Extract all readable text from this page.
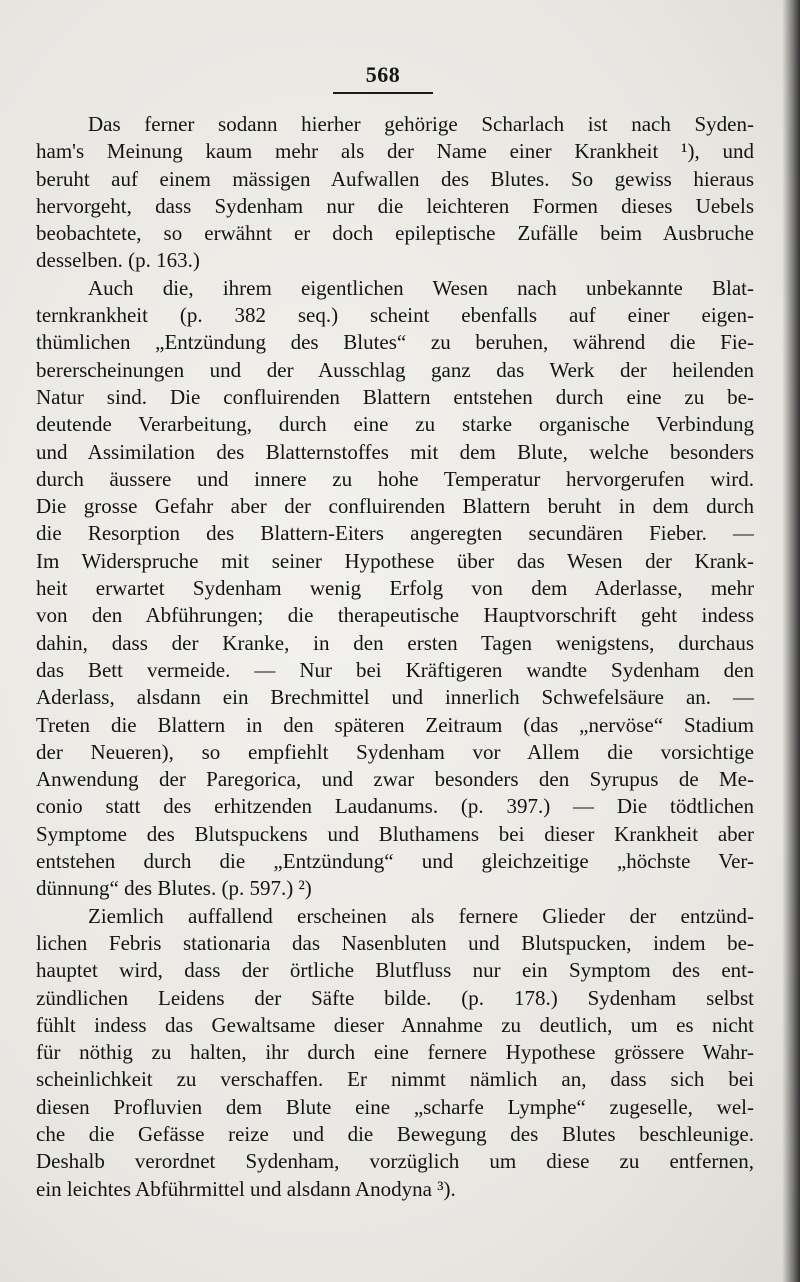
568
Das ferner sodann hierher gehörige Scharlach ist nach Syden-
ham's Meinung kaum mehr als der Name einer Krankheit ¹), und
beruht auf einem mässigen Aufwallen des Blutes. So gewiss hieraus
hervorgeht, dass Sydenham nur die leichteren Formen dieses Uebels
beobachtete, so erwähnt er doch epileptische Zufälle beim Ausbruche
desselben. (p. 163.)
Auch die, ihrem eigentlichen Wesen nach unbekannte Blat-
ternkrankheit (p. 382 seq.) scheint ebenfalls auf einer eigen-
thümlichen „Entzündung des Blutes“ zu beruhen, während die Fie-
bererscheinungen und der Ausschlag ganz das Werk der heilenden
Natur sind. Die confluirenden Blattern entstehen durch eine zu be-
deutende Verarbeitung, durch eine zu starke organische Verbindung
und Assimilation des Blatternstoffes mit dem Blute, welche besonders
durch äussere und innere zu hohe Temperatur hervorgerufen wird.
Die grosse Gefahr aber der confluirenden Blattern beruht in dem durch
die Resorption des Blattern-Eiters angeregten secundären Fieber. —
Im Widerspruche mit seiner Hypothese über das Wesen der Krank-
heit erwartet Sydenham wenig Erfolg von dem Aderlasse, mehr
von den Abführungen; die therapeutische Hauptvorschrift geht indess
dahin, dass der Kranke, in den ersten Tagen wenigstens, durchaus
das Bett vermeide. — Nur bei Kräftigeren wandte Sydenham den
Aderlass, alsdann ein Brechmittel und innerlich Schwefelsäure an. —
Treten die Blattern in den späteren Zeitraum (das „nervöse“ Stadium
der Neueren), so empfiehlt Sydenham vor Allem die vorsichtige
Anwendung der Paregorica, und zwar besonders den Syrupus de Me-
conio statt des erhitzenden Laudanums. (p. 397.) — Die tödtlichen
Symptome des Blutspuckens und Bluthamens bei dieser Krankheit aber
entstehen durch die „Entzündung“ und gleichzeitige „höchste Ver-
dünnung“ des Blutes. (p. 597.) ²)
Ziemlich auffallend erscheinen als fernere Glieder der entzünd-
lichen Febris stationaria das Nasenbluten und Blutspucken, indem be-
hauptet wird, dass der örtliche Blutfluss nur ein Symptom des ent-
zündlichen Leidens der Säfte bilde. (p. 178.) Sydenham selbst
fühlt indess das Gewaltsame dieser Annahme zu deutlich, um es nicht
für nöthig zu halten, ihr durch eine fernere Hypothese grössere Wahr-
scheinlichkeit zu verschaffen. Er nimmt nämlich an, dass sich bei
diesen Profluvien dem Blute eine „scharfe Lymphe“ zugeselle, wel-
che die Gefässe reize und die Bewegung des Blutes beschleunige.
Deshalb verordnet Sydenham, vorzüglich um diese zu entfernen,
ein leichtes Abführmittel und alsdann Anodyna ³).
